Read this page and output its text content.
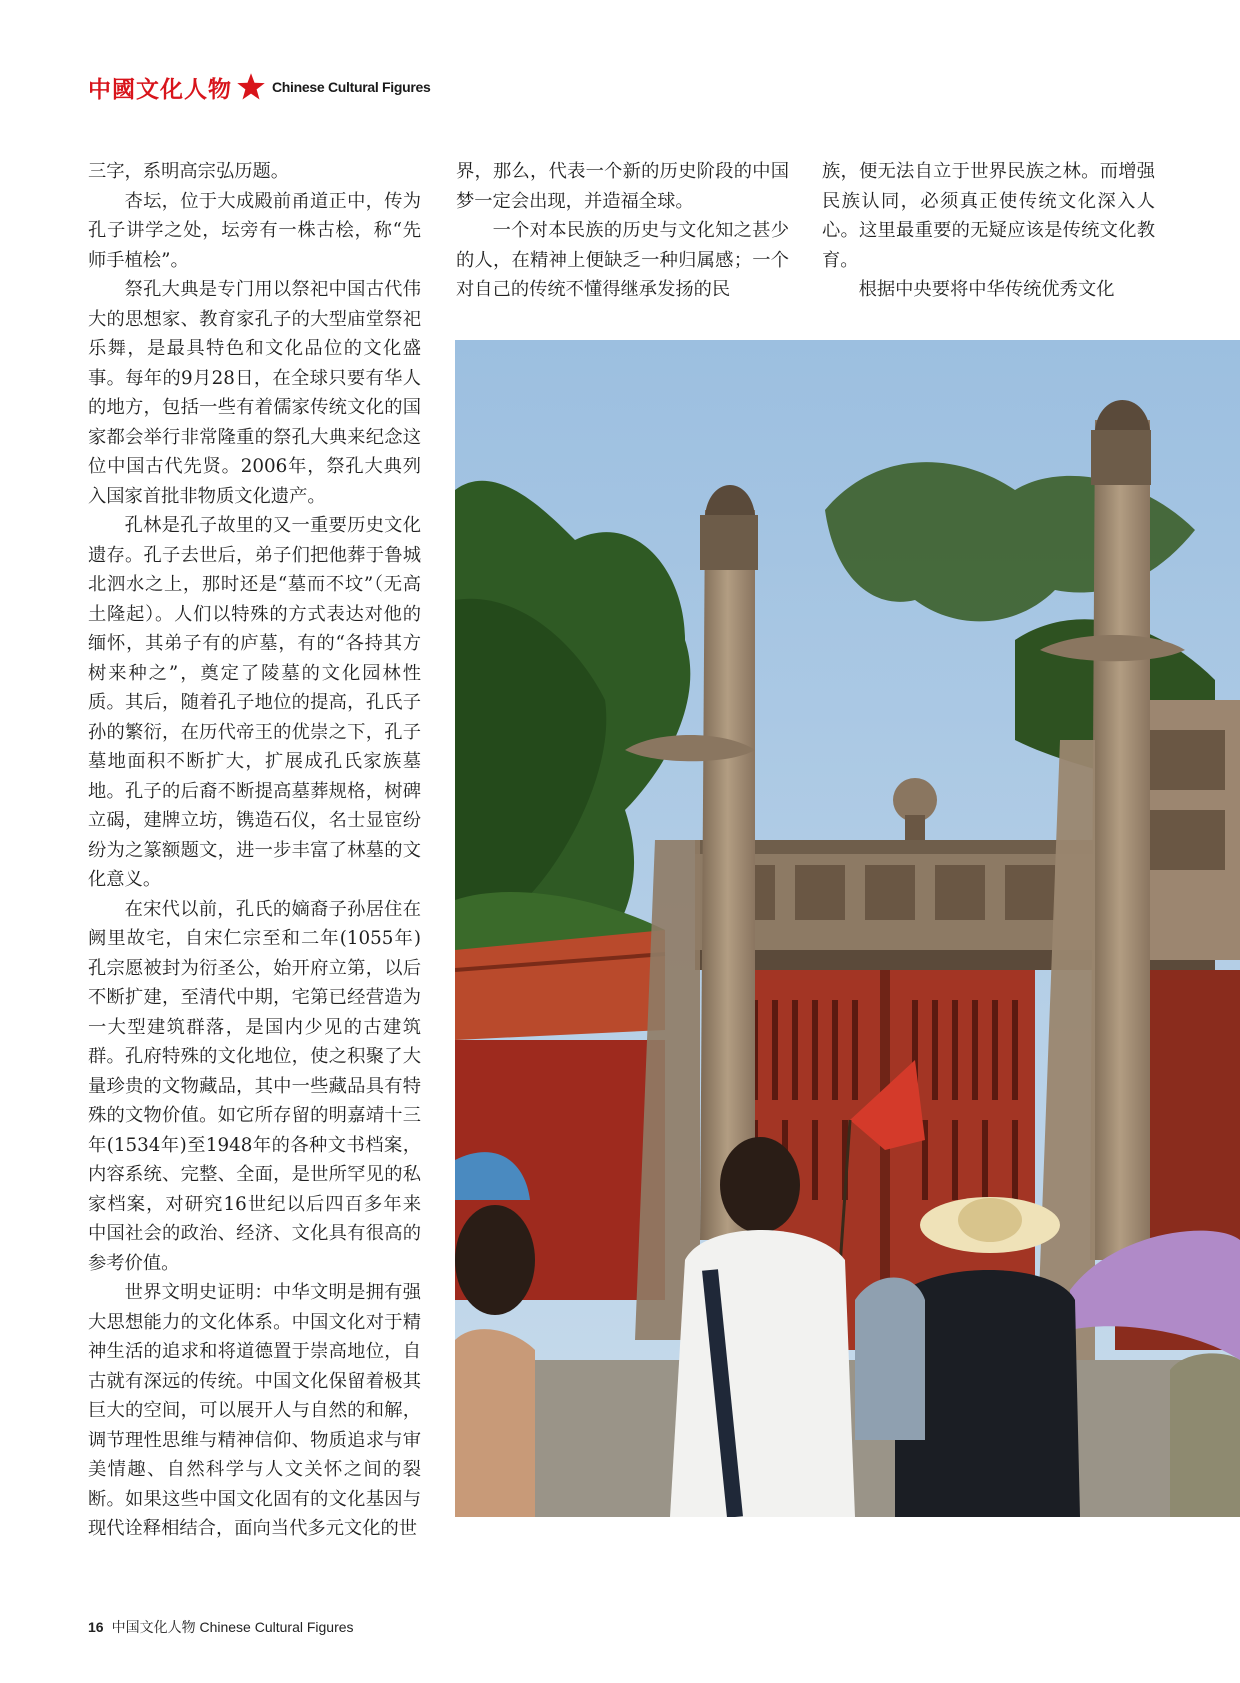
中國文化人物	Chinese Cultural Figures

三字，系明高宗弘历题。

杏坛，位于大成殿前甬道正中，传为孔子讲学之处，坛旁有一株古桧，称“先师手植桧”。

祭孔大典是专门用以祭祀中国古代伟大的思想家、教育家孔子的大型庙堂祭祀乐舞，是最具特色和文化品位的文化盛事。每年的9月28日，在全球只要有华人的地方，包括一些有着儒家传统文化的国家都会举行非常隆重的祭孔大典来纪念这位中国古代先贤。2006年，祭孔大典列入国家首批非物质文化遗产。

孔林是孔子故里的又一重要历史文化遗存。孔子去世后，弟子们把他葬于鲁城北泗水之上，那时还是“墓而不坟”（无高土隆起）。人们以特殊的方式表达对他的缅怀，其弟子有的庐墓，有的“各持其方树来种之”，奠定了陵墓的文化园林性质。其后，随着孔子地位的提高，孔氏子孙的繁衍，在历代帝王的优崇之下，孔子墓地面积不断扩大，扩展成孔氏家族墓地。孔子的后裔不断提高墓葬规格，树碑立碣，建牌立坊，镌造石仪，名士显宦纷纷为之篆额题文，进一步丰富了林墓的文化意义。

在宋代以前，孔氏的嫡裔子孙居住在阙里故宅，自宋仁宗至和二年(1055年)孔宗愿被封为衍圣公，始开府立第，以后不断扩建，至清代中期，宅第已经营造为一大型建筑群落，是国内少见的古建筑群。孔府特殊的文化地位，使之积聚了大量珍贵的文物藏品，其中一些藏品具有特殊的文物价值。如它所存留的明嘉靖十三年(1534年)至1948年的各种文书档案，内容系统、完整、全面，是世所罕见的私家档案，对研究16世纪以后四百多年来中国社会的政治、经济、文化具有很高的参考价值。

世界文明史证明：中华文明是拥有强大思想能力的文化体系。中国文化对于精神生活的追求和将道德置于崇高地位，自古就有深远的传统。中国文化保留着极其巨大的空间，可以展开人与自然的和解，调节理性思维与精神信仰、物质追求与审美情趣、自然科学与人文关怀之间的裂断。如果这些中国文化固有的文化基因与现代诠释相结合，面向当代多元文化的世

界，那么，代表一个新的历史阶段的中国梦一定会出现，并造福全球。

一个对本民族的历史与文化知之甚少的人，在精神上便缺乏一种归属感；一个对自己的传统不懂得继承发扬的民

族，便无法自立于世界民族之林。而增强民族认同，必须真正使传统文化深入人心。这里最重要的无疑应该是传统文化教育。

根据中央要将中华传统优秀文化

16 中国文化人物 Chinese Cultural Figures
